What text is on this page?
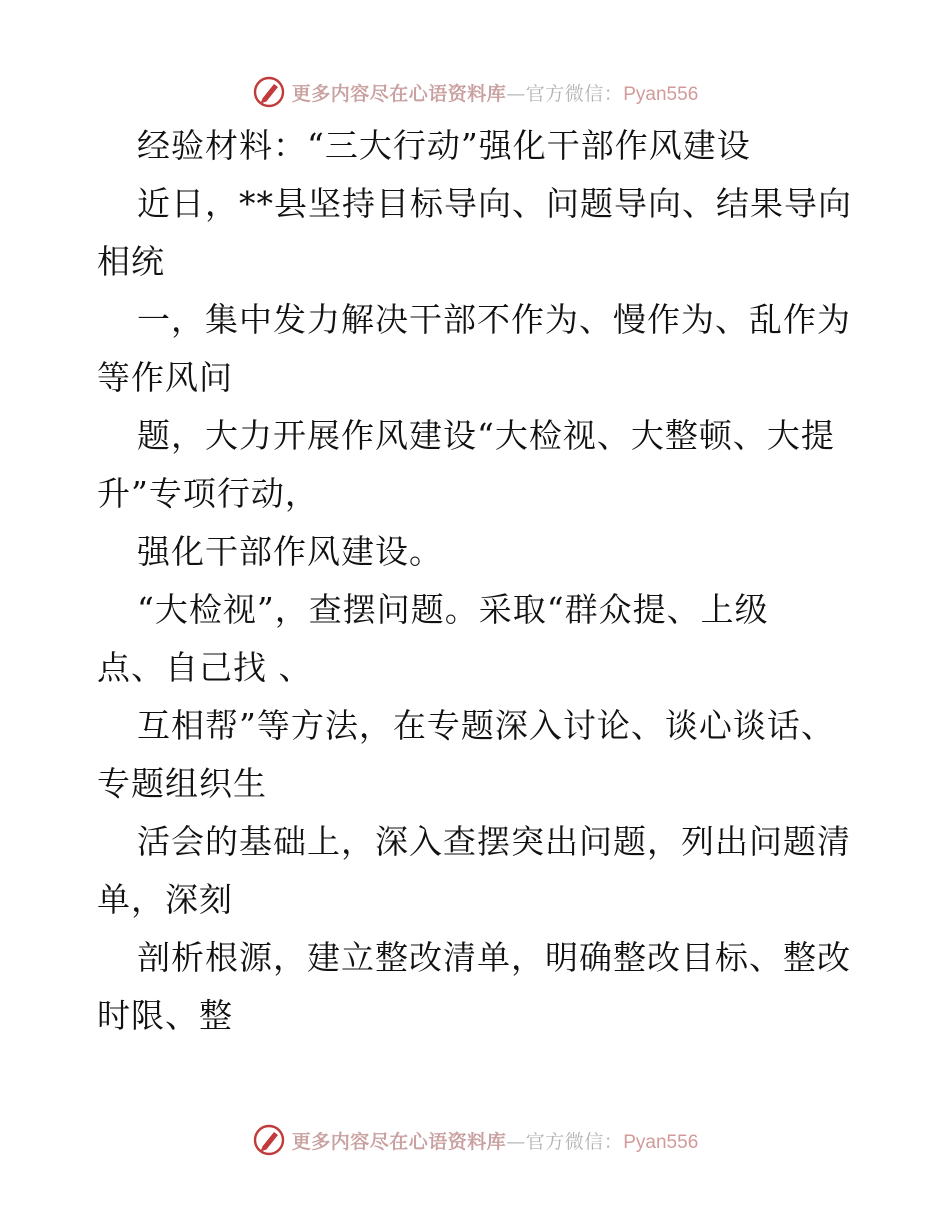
更多内容尽在心语资料库—官方微信：Pyan556
经验材料：“三大行动”强化干部作风建设
近日，**县坚持目标导向、问题导向、结果导向
相统
一，集中发力解决干部不作为、慢作为、乱作为
等作风问
题，大力开展作风建设“大检视、大整顿、大提
升”专项行动，
强化干部作风建设。
“大检视”，查摆问题。采取“群众提、上级
点、自己找 、
互相帮”等方法，在专题深入讨论、谈心谈话、
专题组织生
活会的基础上，深入查摆突出问题，列出问题清
单，深刻
剖析根源，建立整改清单，明确整改目标、整改
时限、整
更多内容尽在心语资料库—官方微信：Pyan556
